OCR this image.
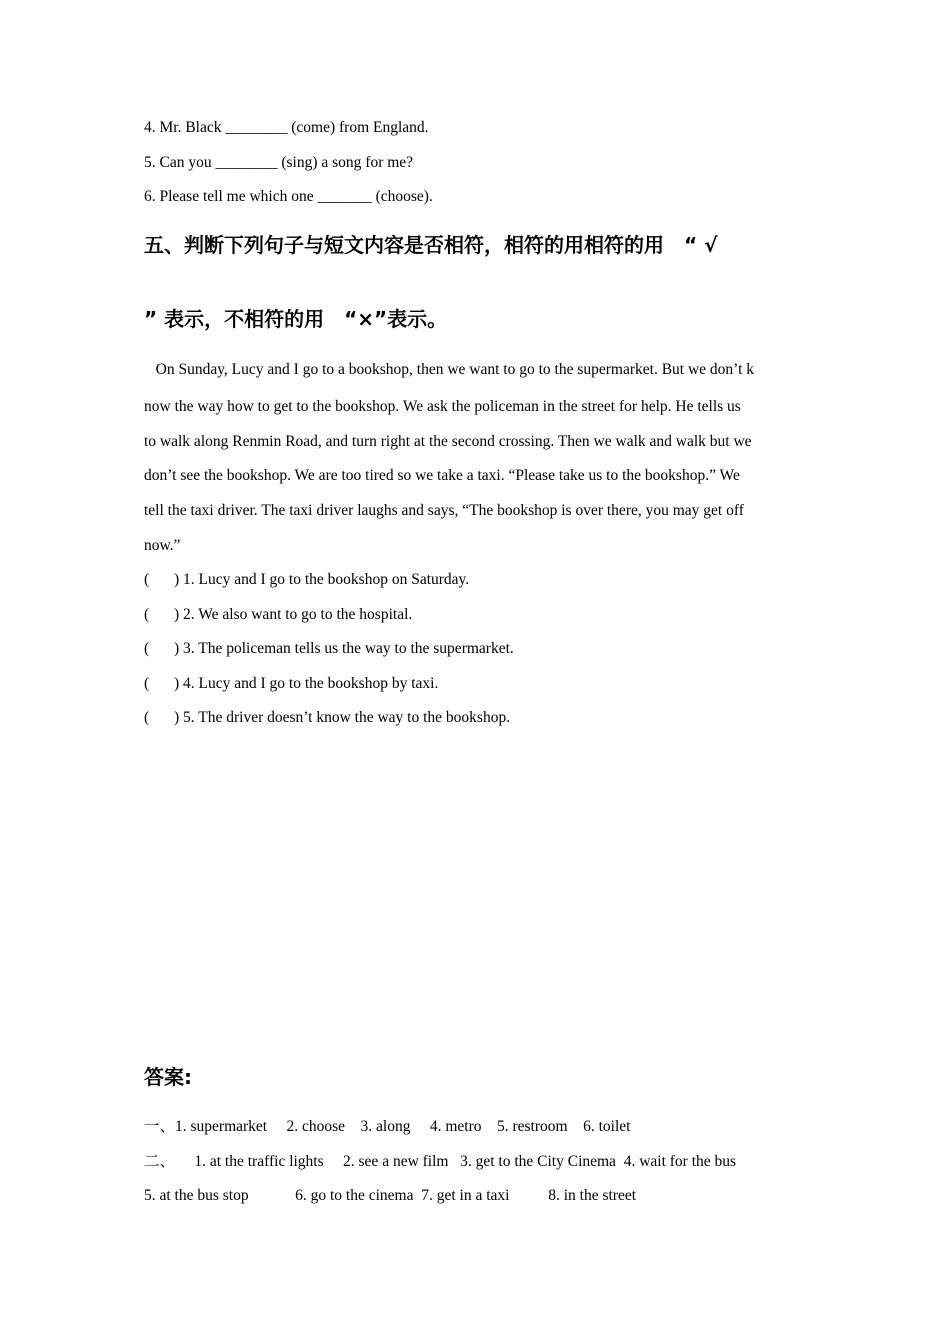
4. Mr. Black ________ (come) from England.
5. Can you ________ (sing) a song for me?
6. Please tell me which one _______ (choose).
五、判断下列句子与短文内容是否相符，相符的用相符的用　“ √
” 表示，不相符的用　“×”表示。
On Sunday, Lucy and I go to a bookshop, then we want to go to the supermarket. But we don’t k
now the way how to get to the bookshop. We ask the policeman in the street for help. He tells us
to walk along Renmin Road, and turn right at the second crossing. Then we walk and walk but we
don’t see the bookshop. We are too tired so we take a taxi. “Please take us to the bookshop.” We
tell the taxi driver. The taxi driver laughs and says, “The bookshop is over there, you may get off
now.”
( ) 1. Lucy and I go to the bookshop on Saturday.
( ) 2. We also want to go to the hospital.
( ) 3. The policeman tells us the way to the supermarket.
( ) 4. Lucy and I go to the bookshop by taxi.
( ) 5. The driver doesn’t know the way to the bookshop.
答案:
一、1. supermarket     2. choose    3. along     4. metro    5. restroom    6. toilet
二、     1. at the traffic lights     2. see a new film   3. get to the City Cinema  4. wait for the bus
5. at the bus stop            6. go to the cinema  7. get in a taxi          8. in the street
